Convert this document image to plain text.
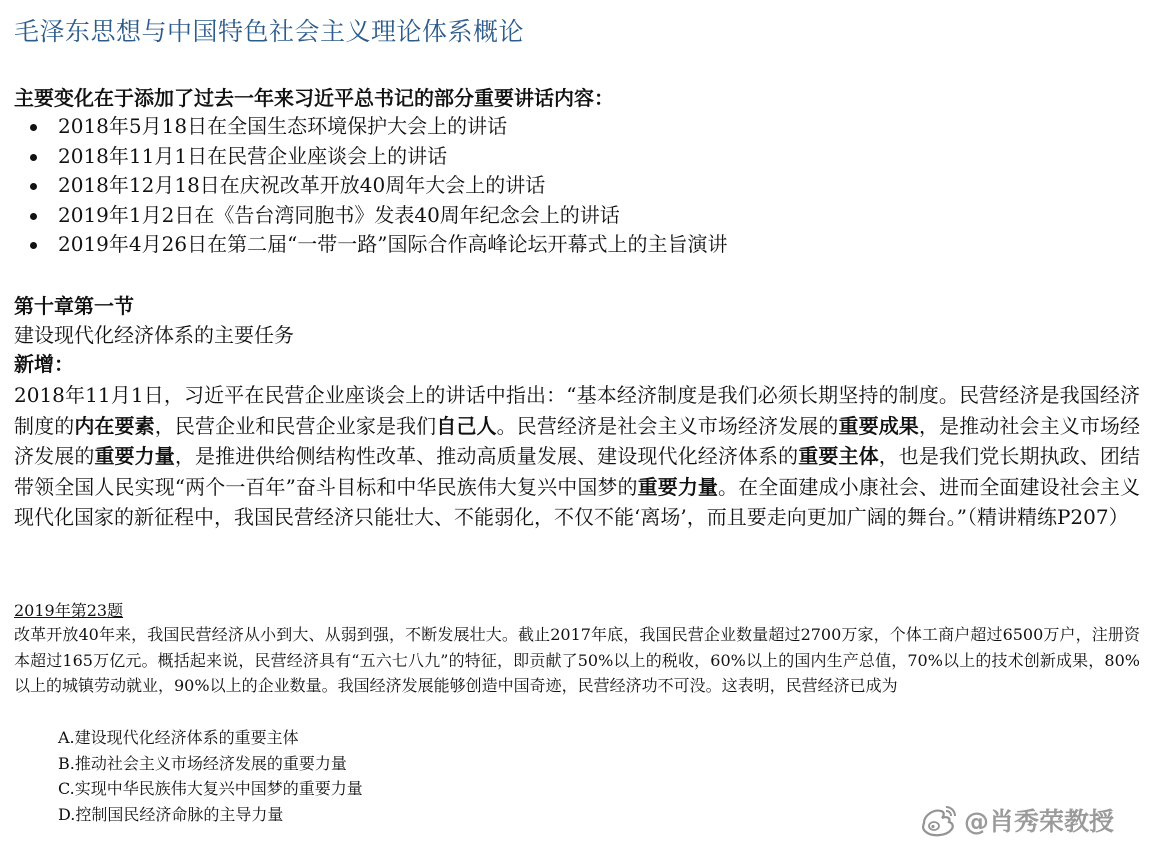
毛泽东思想与中国特色社会主义理论体系概论
主要变化在于添加了过去一年来习近平总书记的部分重要讲话内容：
2018年5月18日在全国生态环境保护大会上的讲话
2018年11月1日在民营企业座谈会上的讲话
2018年12月18日在庆祝改革开放40周年大会上的讲话
2019年1月2日在《告台湾同胞书》发表40周年纪念会上的讲话
2019年4月26日在第二届“一带一路”国际合作高峰论坛开幕式上的主旨演讲
第十章第一节
建设现代化经济体系的主要任务
新增：
2018年11月1日，习近平在民营企业座谈会上的讲话中指出：“基本经济制度是我们必须长期坚持的制度。民营经济是我国经济制度的内在要素，民营企业和民营企业家是我们自己人。民营经济是社会主义市场经济发展的重要成果，是推动社会主义市场经济发展的重要力量，是推进供给侧结构性改革、推动高质量发展、建设现代化经济体系的重要主体，也是我们党长期执政、团结带领全国人民实现“两个一百年”奋斗目标和中华民族伟大复兴中国梦的重要力量。在全面建成小康社会、进而全面建设社会主义现代化国家的新征程中，我国民营经济只能壮大、不能弱化，不仅不能‘离场’，而且要走向更加广阔的舞台。”（精讲精练P207）
2019年第23题
改革开放40年来，我国民营经济从小到大、从弱到强，不断发展壮大。截止2017年底，我国民营企业数量超过2700万家，个体工商户超过6500万户，注册资本超过165万亿元。概括起来说，民营经济具有“五六七八九”的特征，即贡献了50%以上的税收，60%以上的国内生产总值，70%以上的技术创新成果，80%以上的城镇劳动就业，90%以上的企业数量。我国经济发展能够创造中国奇迹，民营经济功不可没。这表明，民营经济已成为
A.建设现代化经济体系的重要主体
B.推动社会主义市场经济发展的重要力量
C.实现中华民族伟大复兴中国梦的重要力量
D.控制国民经济命脉的主导力量	@肖秀荣教授
